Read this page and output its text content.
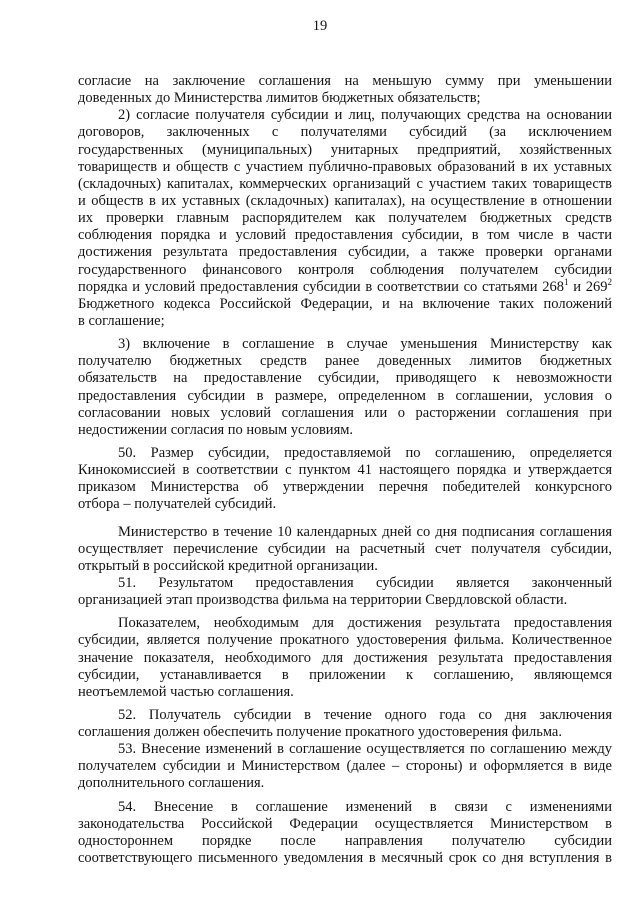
19
согласие на заключение соглашения на меньшую сумму при уменьшении
доведенных до Министерства лимитов бюджетных обязательств;
2) согласие получателя субсидии и лиц, получающих средства на основании
договоров, заключенных с получателями субсидий (за исключением
государственных (муниципальных) унитарных предприятий, хозяйственных
товариществ и обществ с участием публично-правовых образований в их уставных
(складочных) капиталах, коммерческих организаций с участием таких товариществ
и обществ в их уставных (складочных) капиталах), на осуществление в отношении
их проверки главным распорядителем как получателем бюджетных средств
соблюдения порядка и условий предоставления субсидии, в том числе в части
достижения результата предоставления субсидии, а также проверки органами
государственного финансового контроля соблюдения получателем субсидии
порядка и условий предоставления субсидии в соответствии со статьями $268^1$ и $269^2$
Бюджетного кодекса Российской Федерации, и на включение таких положений
в соглашение;
3) включение в соглашение в случае уменьшения Министерству как
получателю бюджетных средств ранее доведенных лимитов бюджетных
обязательств на предоставление субсидии, приводящего к невозможности
предоставления субсидии в размере, определенном в соглашении, условия о
согласовании новых условий соглашения или о расторжении соглашения при
недостижении согласия по новым условиям.
50. Размер субсидии, предоставляемой по соглашению, определяется
Кинокомиссией в соответствии с пунктом 41 настоящего порядка и утверждается
приказом Министерства об утверждении перечня победителей конкурсного
отбора – получателей субсидий.
Министерство в течение 10 календарных дней со дня подписания соглашения
осуществляет перечисление субсидии на расчетный счет получателя субсидии,
открытый в российской кредитной организации.
51. Результатом предоставления субсидии является законченный
организацией этап производства фильма на территории Свердловской области.
Показателем, необходимым для достижения результата предоставления
субсидии, является получение прокатного удостоверения фильма. Количественное
значение показателя, необходимого для достижения результата предоставления
субсидии, устанавливается в приложении к соглашению, являющемся
неотъемлемой частью соглашения.
52. Получатель субсидии в течение одного года со дня заключения
соглашения должен обеспечить получение прокатного удостоверения фильма.
53. Внесение изменений в соглашение осуществляется по соглашению между
получателем субсидии и Министерством (далее – стороны) и оформляется в виде
дополнительного соглашения.
54. Внесение в соглашение изменений в связи с изменениями
законодательства Российской Федерации осуществляется Министерством в
одностороннем порядке после направления получателю субсидии
соответствующего письменного уведомления в месячный срок со дня вступления в
